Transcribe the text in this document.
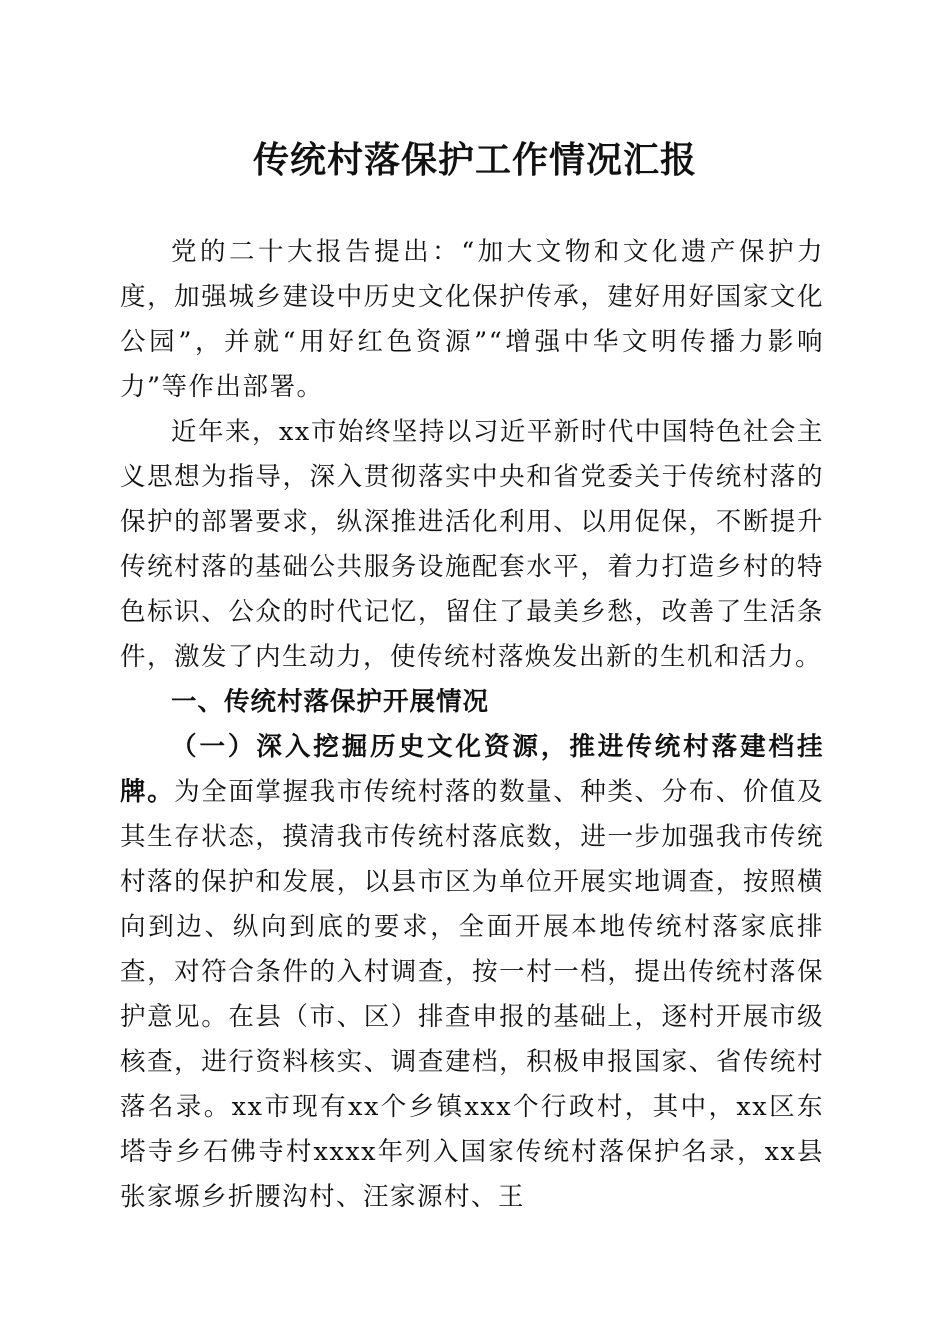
传统村落保护工作情况汇报

党的二十大报告提出：“加大文物和文化遗产保护力度，加强城乡建设中历史文化保护传承，建好用好国家文化公园”，并就“用好红色资源”“增强中华文明传播力影响力”等作出部署。

近年来，xx市始终坚持以习近平新时代中国特色社会主义思想为指导，深入贯彻落实中央和省党委关于传统村落的保护的部署要求，纵深推进活化利用、以用促保，不断提升传统村落的基础公共服务设施配套水平，着力打造乡村的特色标识、公众的时代记忆，留住了最美乡愁，改善了生活条件，激发了内生动力，使传统村落焕发出新的生机和活力。

一、传统村落保护开展情况

（一）深入挖掘历史文化资源，推进传统村落建档挂牌。为全面掌握我市传统村落的数量、种类、分布、价值及其生存状态，摸清我市传统村落底数，进一步加强我市传统村落的保护和发展，以县市区为单位开展实地调查，按照横向到边、纵向到底的要求，全面开展本地传统村落家底排查，对符合条件的入村调查，按一村一档，提出传统村落保护意见。在县（市、区）排查申报的基础上，逐村开展市级核查，进行资料核实、调查建档，积极申报国家、省传统村落名录。xx市现有xx个乡镇xxx个行政村，其中，xx区东塔寺乡石佛寺村xxxx年列入国家传统村落保护名录，xx县张家塬乡折腰沟村、汪家源村、王
